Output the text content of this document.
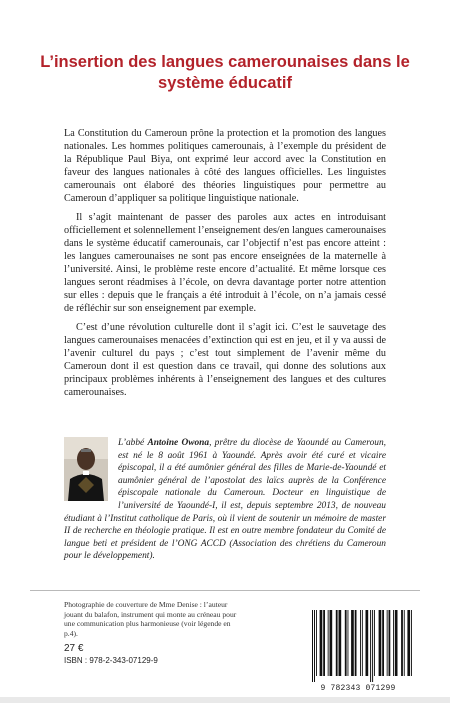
L’insertion des langues camerounaises dans le système éducatif

La Constitution du Cameroun prône la protection et la promotion des langues nationales. Les hommes politiques camerounais, à l’exemple du président de la République Paul Biya, ont exprimé leur accord avec la Constitution en faveur des langues nationales à côté des langues officielles. Les linguistes camerounais ont élaboré des théories linguistiques pour permettre au Cameroun d’appliquer sa politique linguistique nationale.

Il s’agit maintenant de passer des paroles aux actes en introduisant officiellement et solennellement l’enseignement des/en langues camerounaises dans le système éducatif camerounais, car l’objectif n’est pas encore atteint : les langues camerounaises ne sont pas encore enseignées de la maternelle à l’université. Ainsi, le problème reste encore d’actualité. Et même lorsque ces langues seront réadmises à l’école, on devra davantage porter notre attention sur elles : depuis que le français a été introduit à l’école, on n’a jamais cessé de réfléchir sur son enseignement par exemple.

C’est d’une révolution culturelle dont il s’agit ici. C’est le sauvetage des langues camerounaises menacées d’extinction qui est en jeu, et il y va aussi de l’avenir culturel du pays ; c’est tout simplement de l’avenir même du Cameroun dont il est question dans ce travail, qui donne des solutions aux principaux problèmes inhérents à l’enseignement des langues et des cultures camerounaises.

L’abbé Antoine Owona, prêtre du diocèse de Yaoundé au Cameroun, est né le 8 août 1961 à Yaoundé. Après avoir été curé et vicaire épiscopal, il a été aumônier général des filles de Marie-de-Yaoundé et aumônier général de l’apostolat des laïcs auprès de la Conférence épiscopale nationale du Cameroun. Docteur en linguistique de l’université de Yaoundé-I, il est, depuis septembre 2013, de nouveau étudiant à l’Institut catholique de Paris, où il vient de soutenir un mémoire de master II de recherche en théologie pratique. Il est en outre membre fondateur du Comité de langue beti et président de l’ONG ACCD (Association des chrétiens du Cameroun pour le développement).

Photographie de couverture de Mme Denise : l’auteur jouant du balafon, instrument qui monte au créneau pour une communication plus harmonieuse (voir légende en p.4).

27 €

ISBN : 978-2-343-07129-9

9 782343 071299
